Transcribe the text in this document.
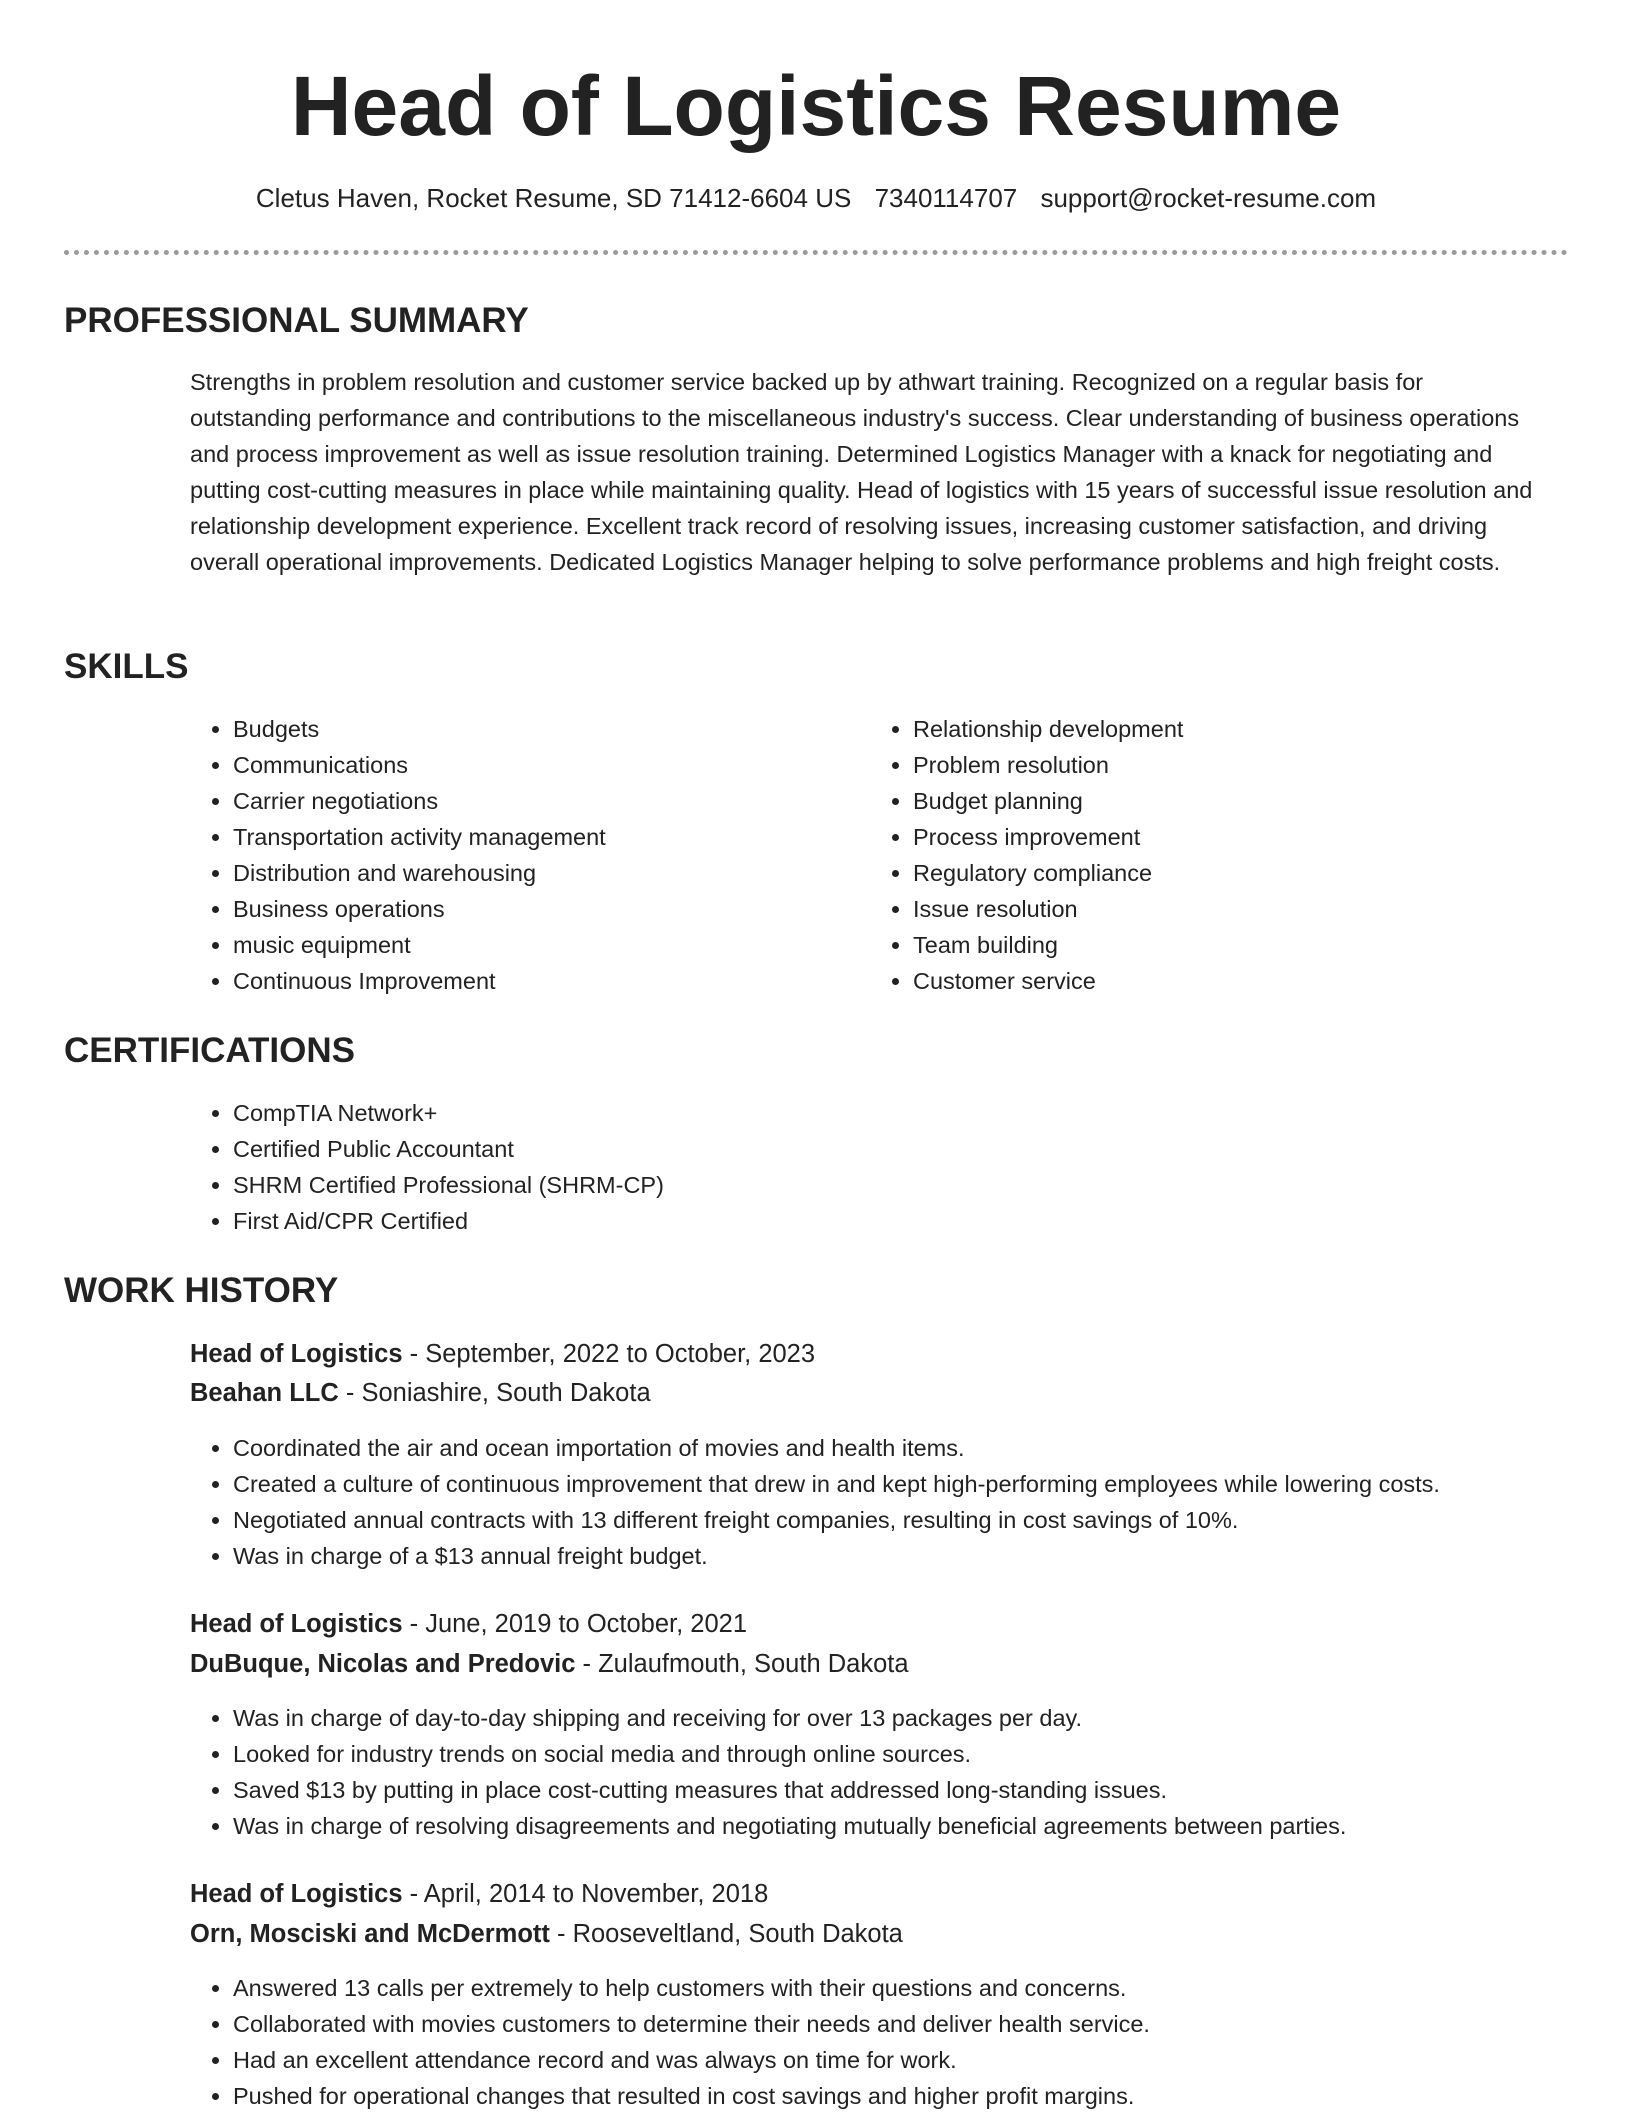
Head of Logistics Resume
Cletus Haven, Rocket Resume, SD 71412-6604 US 7340114707 support@rocket-resume.com
PROFESSIONAL SUMMARY

Strengths in problem resolution and customer service backed up by athwart training. Recognized on a regular basis for outstanding performance and contributions to the miscellaneous industry's success. Clear understanding of business operations and process improvement as well as issue resolution training. Determined Logistics Manager with a knack for negotiating and putting cost-cutting measures in place while maintaining quality. Head of logistics with 15 years of successful issue resolution and relationship development experience. Excellent track record of resolving issues, increasing customer satisfaction, and driving overall operational improvements. Dedicated Logistics Manager helping to solve performance problems and high freight costs.

SKILLS
• Budgets
• Communications
• Carrier negotiations
• Transportation activity management
• Distribution and warehousing
• Business operations
• music equipment
• Continuous Improvement
• Relationship development
• Problem resolution
• Budget planning
• Process improvement
• Regulatory compliance
• Issue resolution
• Team building
• Customer service
CERTIFICATIONS
• CompTIA Network+
• Certified Public Accountant
• SHRM Certified Professional (SHRM-CP)
• First Aid/CPR Certified
WORK HISTORY
Head of Logistics - September, 2022 to October, 2023
Beahan LLC - Soniashire, South Dakota
• Coordinated the air and ocean importation of movies and health items.
• Created a culture of continuous improvement that drew in and kept high-performing employees while lowering costs.
• Negotiated annual contracts with 13 different freight companies, resulting in cost savings of 10%.
• Was in charge of a $13 annual freight budget.
Head of Logistics - June, 2019 to October, 2021
DuBuque, Nicolas and Predovic - Zulaufmouth, South Dakota
• Was in charge of day-to-day shipping and receiving for over 13 packages per day.
• Looked for industry trends on social media and through online sources.
• Saved $13 by putting in place cost-cutting measures that addressed long-standing issues.
• Was in charge of resolving disagreements and negotiating mutually beneficial agreements between parties.
Head of Logistics - April, 2014 to November, 2018
Orn, Mosciski and McDermott - Rooseveltland, South Dakota
• Answered 13 calls per extremely to help customers with their questions and concerns.
• Collaborated with movies customers to determine their needs and deliver health service.
• Had an excellent attendance record and was always on time for work.
• Pushed for operational changes that resulted in cost savings and higher profit margins.
